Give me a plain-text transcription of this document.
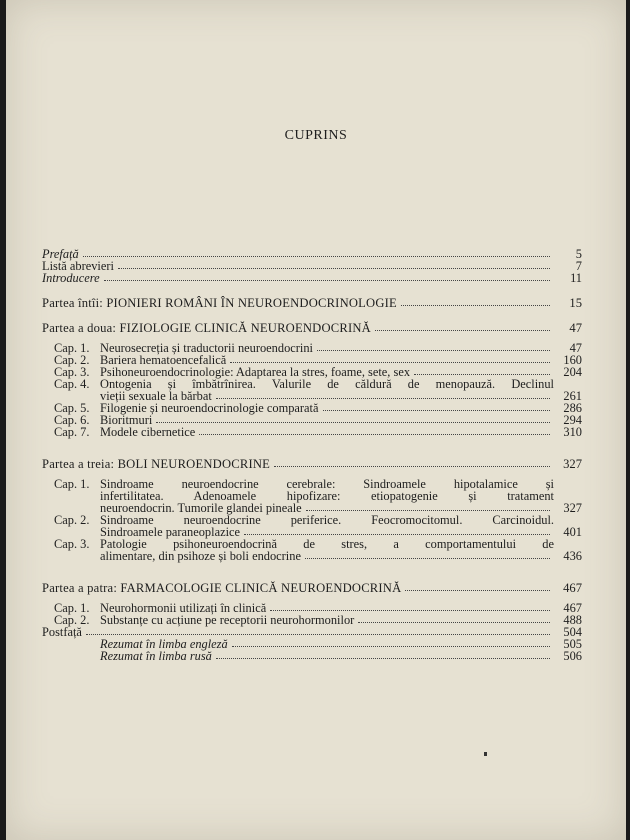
CUPRINS
Prefață	5
Listă abrevieri	7
Introducere	11
Partea întîi: PIONIERI ROMÂNI ÎN NEUROENDOCRINOLOGIE	15
Partea a doua: FIZIOLOGIE CLINICĂ NEUROENDOCRINĂ	47
Cap. 1. Neurosecreția și traductorii neuroendocrini	47
Cap. 2. Bariera hematoencefalică	160
Cap. 3. Psihoneuroendocrinologie: Adaptarea la stres, foame, sete, sex	204
Cap. 4. Ontogenia și îmbătrînirea. Valurile de căldură de menopauză. Declinul
vieții sexuale la bărbat	261
Cap. 5. Filogenie și neuroendocrinologie comparată	286
Cap. 6. Bioritmuri	294
Cap. 7. Modele cibernetice	310
Partea a treia: BOLI NEUROENDOCRINE	327
Cap. 1. Sindroame neuroendocrine cerebrale: Sindroamele hipotalamice și
infertilitatea. Adenoamele hipofizare: etiopatogenie și tratament
neuroendocrin. Tumorile glandei pineale	327
Cap. 2. Sindroame neuroendocrine periferice. Feocromocitomul. Carcinoidul.
Sindroamele paraneoplazice	401
Cap. 3. Patologie psihoneuroendocrină de stres, a comportamentului de
alimentare, din psihoze și boli endocrine	436
Partea a patra: FARMACOLOGIE CLINICĂ NEUROENDOCRINĂ	467
Cap. 1. Neurohormonii utilizați în clinică	467
Cap. 2. Substanțe cu acțiune pe receptorii neurohormonilor	488
Postfață	504
Rezumat în limba engleză	505
Rezumat în limba rusă	506
